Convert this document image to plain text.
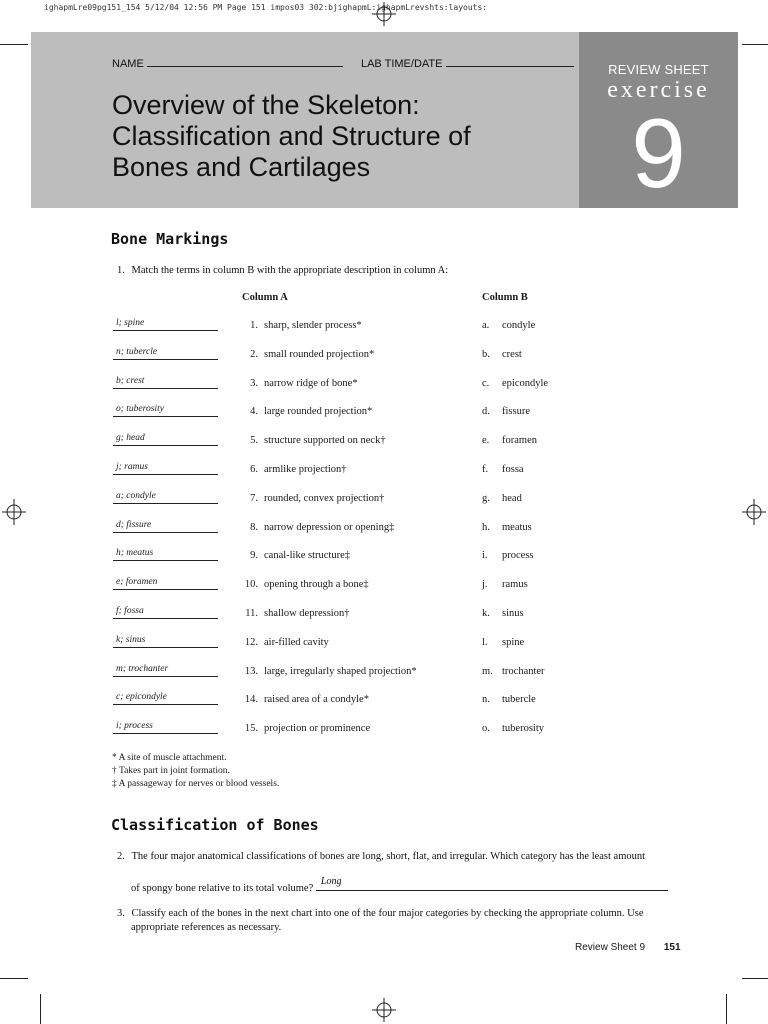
ighapmLre09pg151_154 5/12/04 12:56 PM Page 151 impos03 302:bjighapmL:ighapmLrevshts:layouts:
REVIEW SHEET
exercise
9
NAME	LAB TIME/DATE
Overview of the Skeleton:
Classification and Structure of
Bones and Cartilages
Bone Markings
1. Match the terms in column B with the appropriate description in column A:
Column A	Column B
l; spine	1. sharp, slender process*	a. condyle
n; tubercle	2. small rounded projection*	b. crest
b; crest	3. narrow ridge of bone*	c. epicondyle
o; tuberosity	4. large rounded projection*	d. fissure
g; head	5. structure supported on neck†	e. foramen
j; ramus	6. armlike projection†	f. fossa
a; condyle	7. rounded, convex projection†	g. head
d; fissure	8. narrow depression or opening‡	h. meatus
h; meatus	9. canal-like structure‡	i. process
e; foramen	10. opening through a bone‡	j. ramus
f; fossa	11. shallow depression†	k. sinus
k; sinus	12. air-filled cavity	l. spine
m; trochanter	13. large, irregularly shaped projection*	m. trochanter
c; epicondyle	14. raised area of a condyle*	n. tubercle
i; process	15. projection or prominence	o. tuberosity
* A site of muscle attachment.
† Takes part in joint formation.
‡ A passageway for nerves or blood vessels.
Classification of Bones
2. The four major anatomical classifications of bones are long, short, flat, and irregular. Which category has the least amount
of spongy bone relative to its total volume?
Long
3. Classify each of the bones in the next chart into one of the four major categories by checking the appropriate column. Use
appropriate references as necessary.
Review Sheet 9 151
